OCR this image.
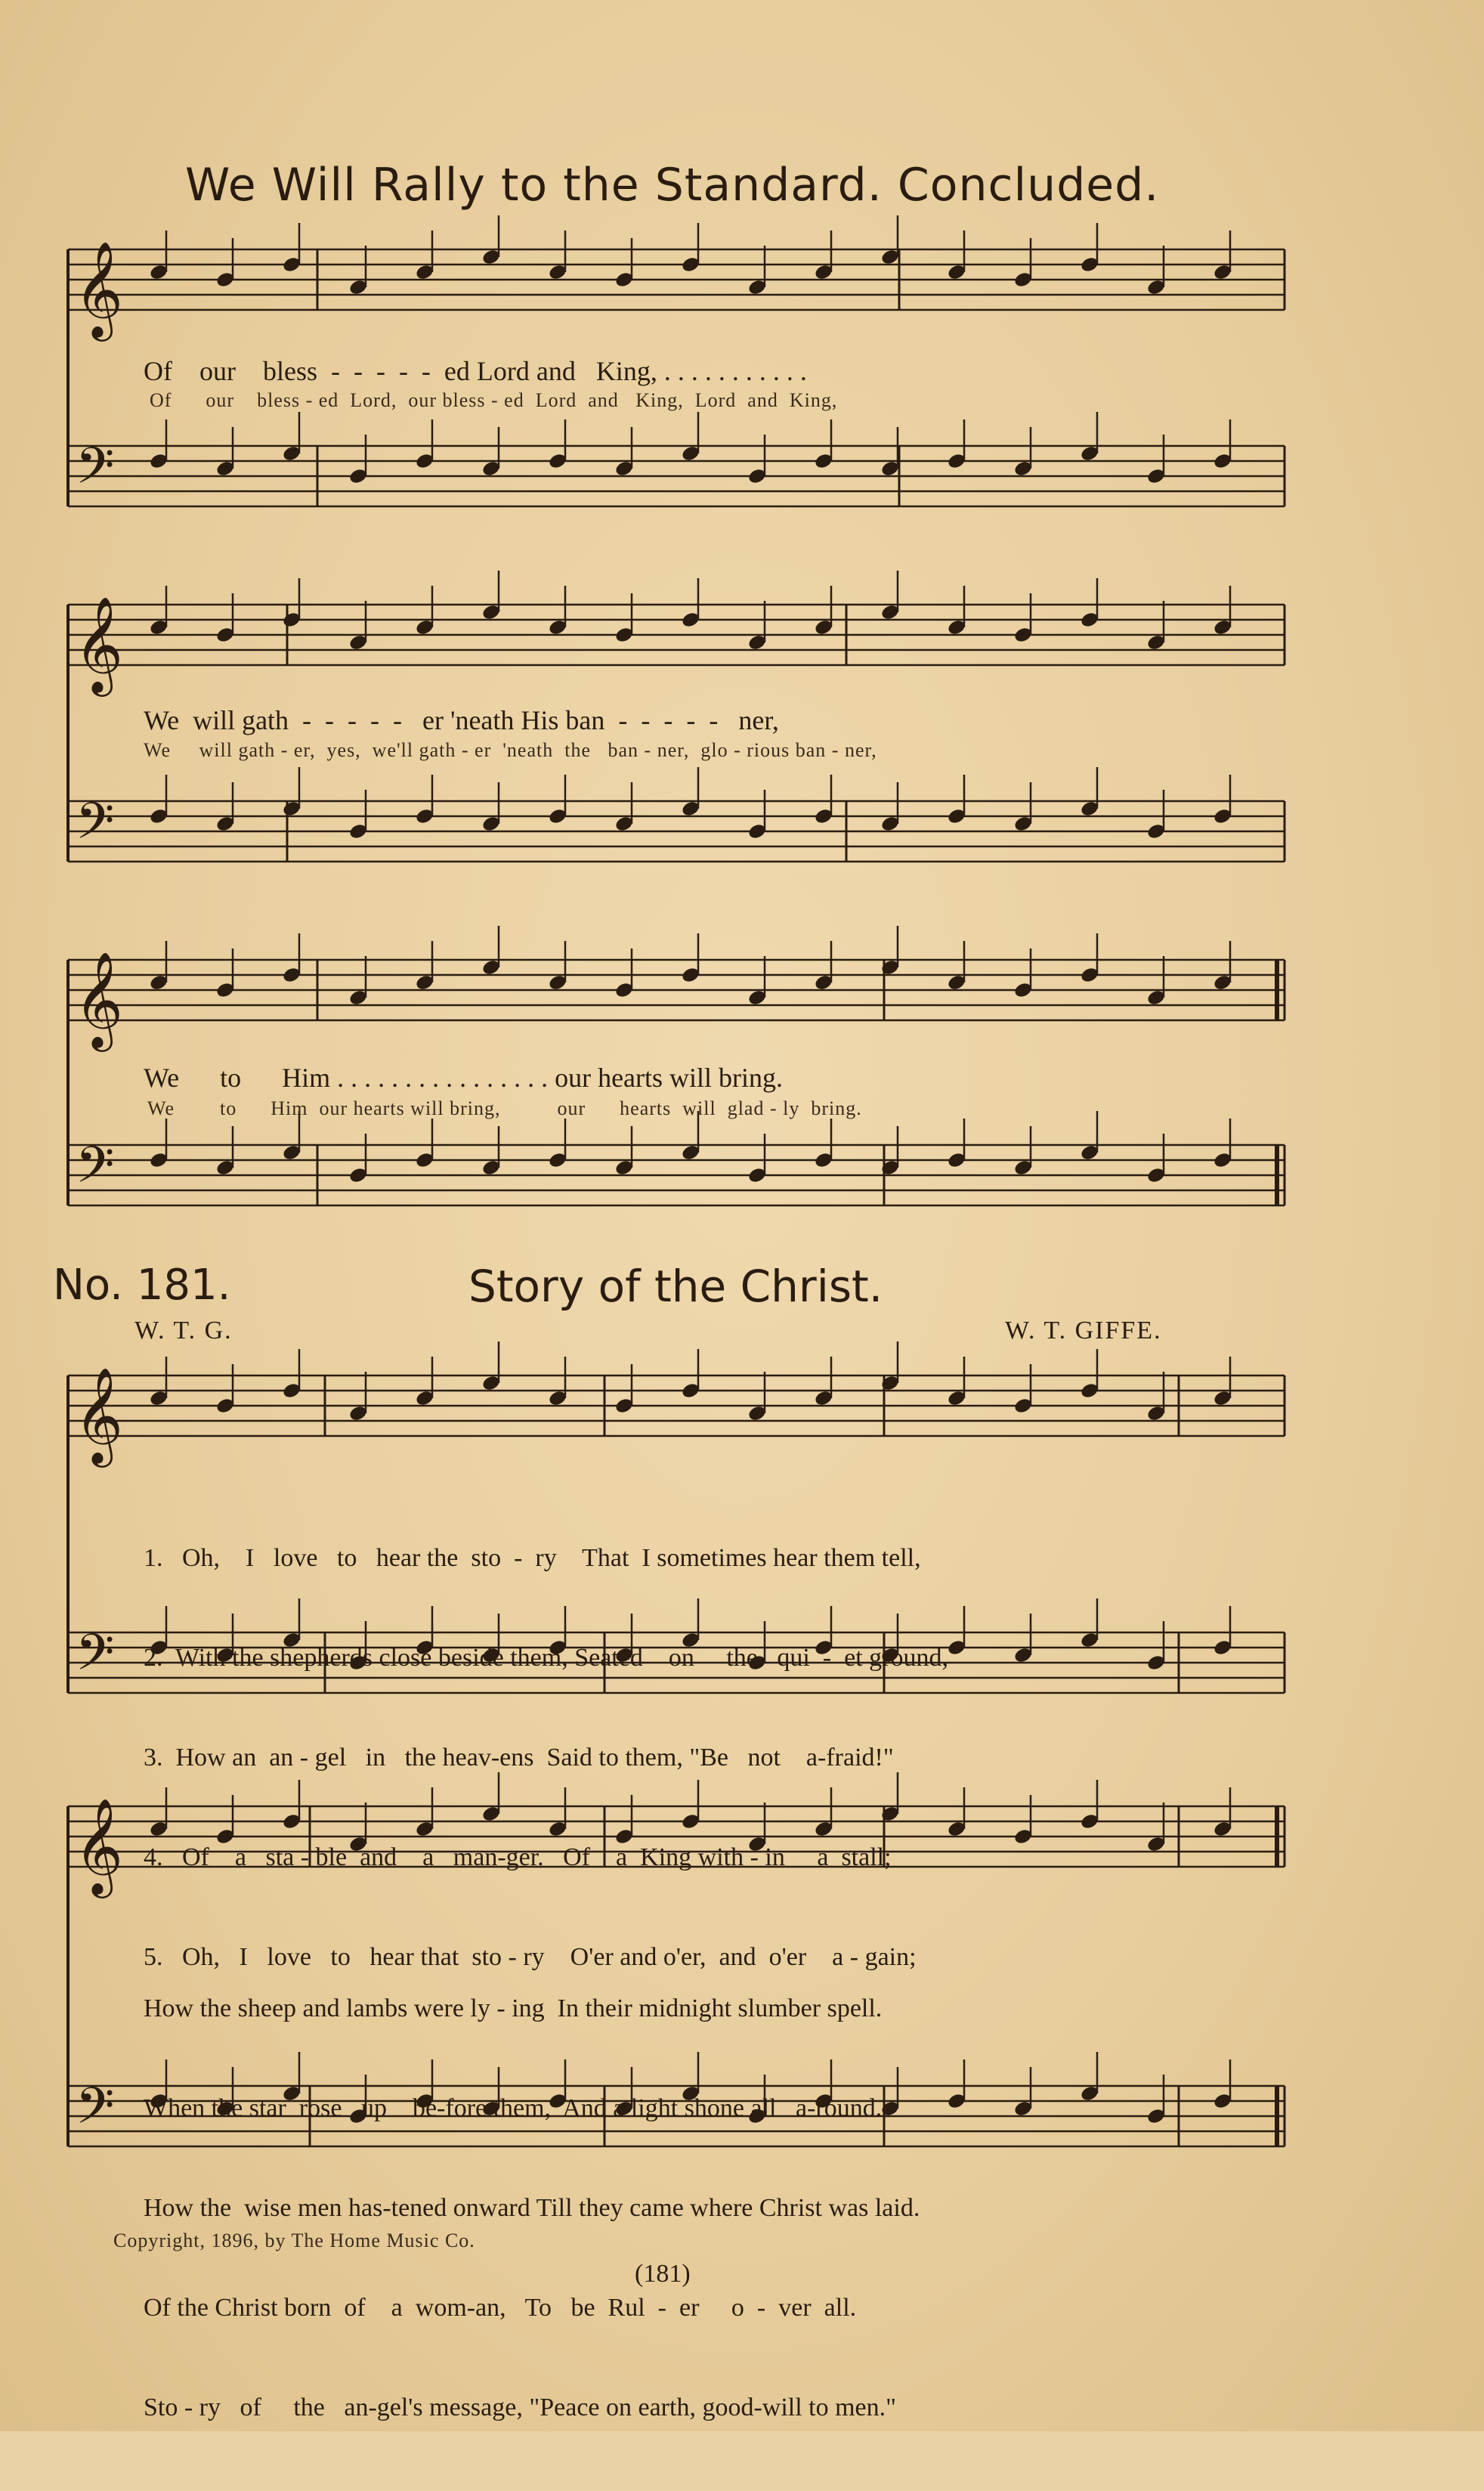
𝄞
𝄢
𝄞
𝄢
𝄞
𝄢
𝄞
𝄢
𝄞
𝄢
We Will Rally to the Standard. Concluded.
Of    our    bless  -  -  -  -  -  ed Lord and   King, . . . . . . . . . . .
Of      our    bless - ed  Lord,  our bless - ed  Lord  and   King,  Lord  and  King,
We  will gath  -  -  -  -  -   er 'neath His ban  -  -  -  -  -   ner,
We     will gath - er,  yes,  we'll gath - er  'neath  the   ban - ner,  glo - rious ban - ner,
We      to      Him . . . . . . . . . . . . . . . . our hearts will bring.
We        to      Him  our hearts will bring,          our      hearts  will  glad - ly  bring.
No. 181.	Story of the Christ.
W. T. G.	W. T. GIFFE.

1.   Oh,    I   love   to   hear the  sto  -  ry    That  I sometimes hear them tell,

2.  With the shepherds close beside them, Seated    on     the   qui  -  et ground,

3.  How an  an - gel   in   the heav-ens  Said to them, "Be   not    a-fraid!"

4.   Of    a   sta - ble  and    a   man-ger.   Of    a  King with - in     a  stall;

5.   Oh,   I   love   to   hear that  sto - ry    O'er and o'er,  and  o'er    a - gain;

How the sheep and lambs were ly - ing  In their midnight slumber spell.

When the star  rose   up    be-fore them,  And a light shone all   a-round.

How the  wise men has-tened onward Till they came where Christ was laid.

Of the Christ born  of    a  wom-an,   To   be  Rul  -  er     o  -  ver  all.

Sto - ry   of     the   an-gel's message, "Peace on earth, good-will to men."

Copyright, 1896, by The Home Music Co.
(181)
